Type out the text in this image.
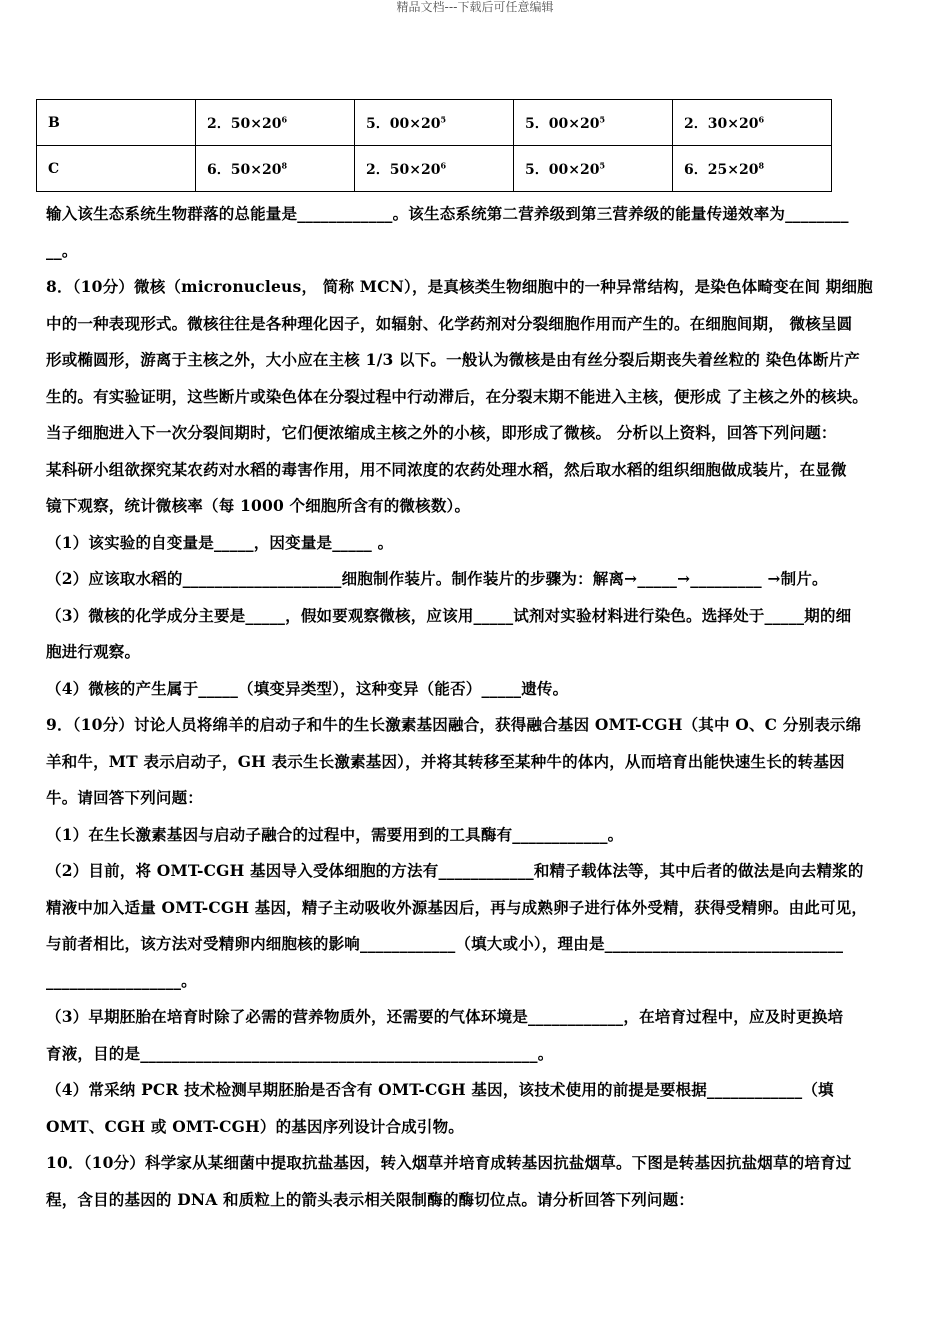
精品文档---下载后可任意编辑
B	2．$50\times 20^6$	5．$00\times 20^5$	5．$00\times 20^5$	2．$30\times 20^6$
C	6．$50\times 20^8$	2．$50\times 20^6$	5．$00\times 20^5$	6．$25\times 20^8$

输入该生态系统生物群落的总能量是____________。该生态系统第二营养级到第三营养级的能量传递效率为________

__。

8．（10分）微核（micronucleus， 简称 MCN），是真核类生物细胞中的一种异常结构，是染色体畸变在间 期细胞

中的一种表现形式。微核往往是各种理化因子，如辐射、化学药剂对分裂细胞作用而产生的。在细胞间期， 微核呈圆

形或椭圆形，游离于主核之外，大小应在主核 1/3 以下。一般认为微核是由有丝分裂后期丧失着丝粒的 染色体断片产

生的。有实验证明，这些断片或染色体在分裂过程中行动滞后，在分裂末期不能进入主核，便形成 了主核之外的核块。

当子细胞进入下一次分裂间期时，它们便浓缩成主核之外的小核，即形成了微核。 分析以上资料，回答下列问题：

某科研小组欲探究某农药对水稻的毒害作用，用不同浓度的农药处理水稻，然后取水稻的组织细胞做成装片，在显微

镜下观察，统计微核率（每 1000 个细胞所含有的微核数）。

（1）该实验的自变量是_____，因变量是_____ 。

（2）应该取水稻的____________________细胞制作装片。制作装片的步骤为：解离→_____→_________ →制片。

（3）微核的化学成分主要是_____，假如要观察微核，应该用_____试剂对实验材料进行染色。选择处于_____期的细

胞进行观察。

（4）微核的产生属于_____（填变异类型），这种变异（能否）_____遗传。

9．（10分）讨论人员将绵羊的启动子和牛的生长激素基因融合，获得融合基因 OMT-CGH（其中 O、C 分别表示绵

羊和牛，MT 表示启动子，GH 表示生长激素基因），并将其转移至某种牛的体内，从而培育出能快速生长的转基因

牛。请回答下列问题：

（1）在生长激素基因与启动子融合的过程中，需要用到的工具酶有____________。

（2）目前，将 OMT-CGH 基因导入受体细胞的方法有____________和精子载体法等，其中后者的做法是向去精浆的

精液中加入适量 OMT-CGH 基因，精子主动吸收外源基因后，再与成熟卵子进行体外受精，获得受精卵。由此可见，

与前者相比，该方法对受精卵内细胞核的影响____________（填大或小），理由是______________________________

_________________。

（3）早期胚胎在培育时除了必需的营养物质外，还需要的气体环境是____________，在培育过程中，应及时更换培

育液，目的是__________________________________________________。

（4）常采纳 PCR 技术检测早期胚胎是否含有 OMT-CGH 基因，该技术使用的前提是要根据____________（填

OMT、CGH 或 OMT-CGH）的基因序列设计合成引物。

10．（10分）科学家从某细菌中提取抗盐基因，转入烟草并培育成转基因抗盐烟草。下图是转基因抗盐烟草的培育过

程，含目的基因的 DNA 和质粒上的箭头表示相关限制酶的酶切位点。请分析回答下列问题：
